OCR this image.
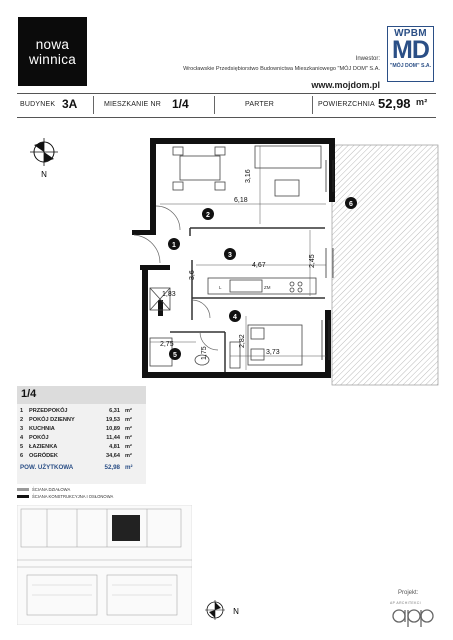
nowa
winnica	Inwestor:
Wrocławskie Przedsiębiorstwo Budownictwa Mieszkaniowego "MÓJ DOM" S.A.
www.mojdom.pl
WPBM
MD
"MÓJ DOM" S.A.
BUDYNEK 3A	MIESZKANIE NR 1/4	PARTER	POWIERZCHNIA 52,98 m²
N	3,16
6,18
4,67	2,45
3,6
1,83
2,82
3,73
2,75
1,75
L	ZM
1
2
3
4
5
6
1/4
1 PRZEDPOKÓJ	6,31 m²
2 POKÓJ DZIENNY	19,53 m²
3 KUCHNIA	10,89 m²
4 POKÓJ	11,44 m²
5 ŁAZIENKA	4,81 m²
6 OGRÓDEK	34,64 m²
POW. UŻYTKOWA	52,98 m²
ŚCIANA DZIAŁOWA
ŚCIANA KONSTRUKCYJNA I OSŁONOWA
N
Projekt:
AP ARCHITEKCI
